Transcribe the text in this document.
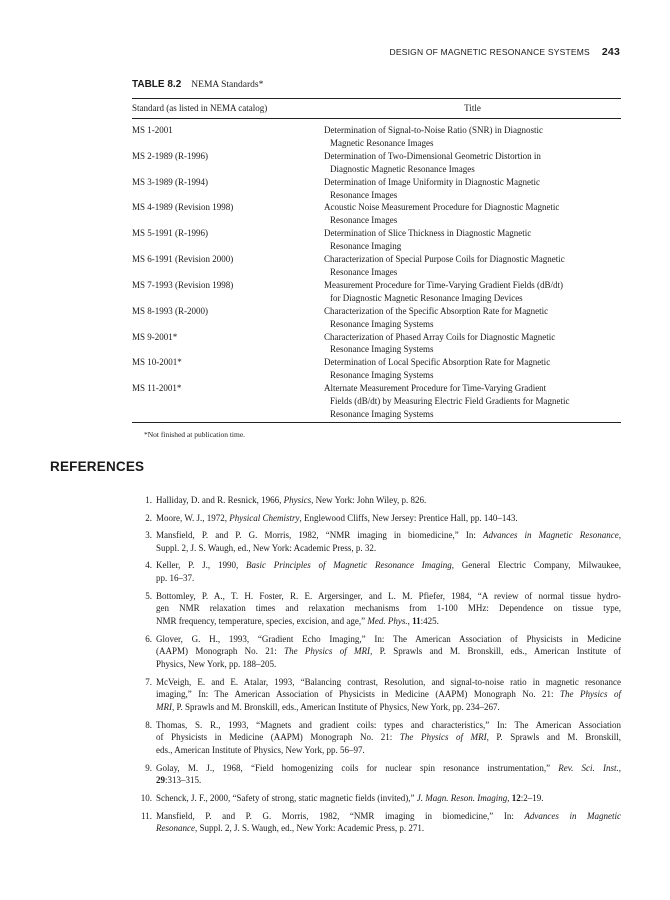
DESIGN OF MAGNETIC RESONANCE SYSTEMS 243
TABLE 8.2 NEMA Standards*
Standard (as listed in NEMA catalog)	Title
MS 1-2001	Determination of Signal-to-Noise Ratio (SNR) in Diagnostic
Magnetic Resonance Images
MS 2-1989 (R-1996)	Determination of Two-Dimensional Geometric Distortion in
Diagnostic Magnetic Resonance Images
MS 3-1989 (R-1994)	Determination of Image Uniformity in Diagnostic Magnetic
Resonance Images
MS 4-1989 (Revision 1998)	Acoustic Noise Measurement Procedure for Diagnostic Magnetic
Resonance Images
MS 5-1991 (R-1996)	Determination of Slice Thickness in Diagnostic Magnetic
Resonance Imaging
MS 6-1991 (Revision 2000)	Characterization of Special Purpose Coils for Diagnostic Magnetic
Resonance Images
MS 7-1993 (Revision 1998)	Measurement Procedure for Time-Varying Gradient Fields (dB/dt)
for Diagnostic Magnetic Resonance Imaging Devices
MS 8-1993 (R-2000)	Characterization of the Specific Absorption Rate for Magnetic
Resonance Imaging Systems
MS 9-2001*	Characterization of Phased Array Coils for Diagnostic Magnetic
Resonance Imaging Systems
MS 10-2001*	Determination of Local Specific Absorption Rate for Magnetic
Resonance Imaging Systems
MS 11-2001*	Alternate Measurement Procedure for Time-Varying Gradient
Fields (dB/dt) by Measuring Electric Field Gradients for Magnetic
Resonance Imaging Systems
*Not finished at publication time.
REFERENCES
1. Halliday, D. and R. Resnick, 1966, Physics, New York: John Wiley, p. 826.
2. Moore, W. J., 1972, Physical Chemistry, Englewood Cliffs, New Jersey: Prentice Hall, pp. 140–143.
3. Mansfield, P. and P. G. Morris, 1982, “NMR imaging in biomedicine,” In: Advances in Magnetic Resonance,
Suppl. 2, J. S. Waugh, ed., New York: Academic Press, p. 32.
4. Keller, P. J., 1990, Basic Principles of Magnetic Resonance Imaging, General Electric Company, Milwaukee,
pp. 16–37.
5. Bottomley, P. A., T. H. Foster, R. E. Argersinger, and L. M. Pfiefer, 1984, “A review of normal tissue hydro-
gen NMR relaxation times and relaxation mechanisms from 1-100 MHz: Dependence on tissue type,
NMR frequency, temperature, species, excision, and age,” Med. Phys., 11:425.
6. Glover, G. H., 1993, “Gradient Echo Imaging,” In: The American Association of Physicists in Medicine
(AAPM) Monograph No. 21: The Physics of MRI, P. Sprawls and M. Bronskill, eds., American Institute of
Physics, New York, pp. 188–205.
7. McVeigh, E. and E. Atalar, 1993, “Balancing contrast, Resolution, and signal-to-noise ratio in magnetic resonance
imaging,” In: The American Association of Physicists in Medicine (AAPM) Monograph No. 21: The Physics of
MRI, P. Sprawls and M. Bronskill, eds., American Institute of Physics, New York, pp. 234–267.
8. Thomas, S. R., 1993, “Magnets and gradient coils: types and characteristics,” In: The American Association
of Physicists in Medicine (AAPM) Monograph No. 21: The Physics of MRI, P. Sprawls and M. Bronskill,
eds., American Institute of Physics, New York, pp. 56–97.
9. Golay, M. J., 1968, “Field homogenizing coils for nuclear spin resonance instrumentation,” Rev. Sci. Inst.,
29:313–315.
10. Schenck, J. F., 2000, “Safety of strong, static magnetic fields (invited),” J. Magn. Reson. Imaging, 12:2–19.
11. Mansfield, P. and P. G. Morris, 1982, “NMR imaging in biomedicine,” In: Advances in Magnetic
Resonance, Suppl. 2, J. S. Waugh, ed., New York: Academic Press, p. 271.
